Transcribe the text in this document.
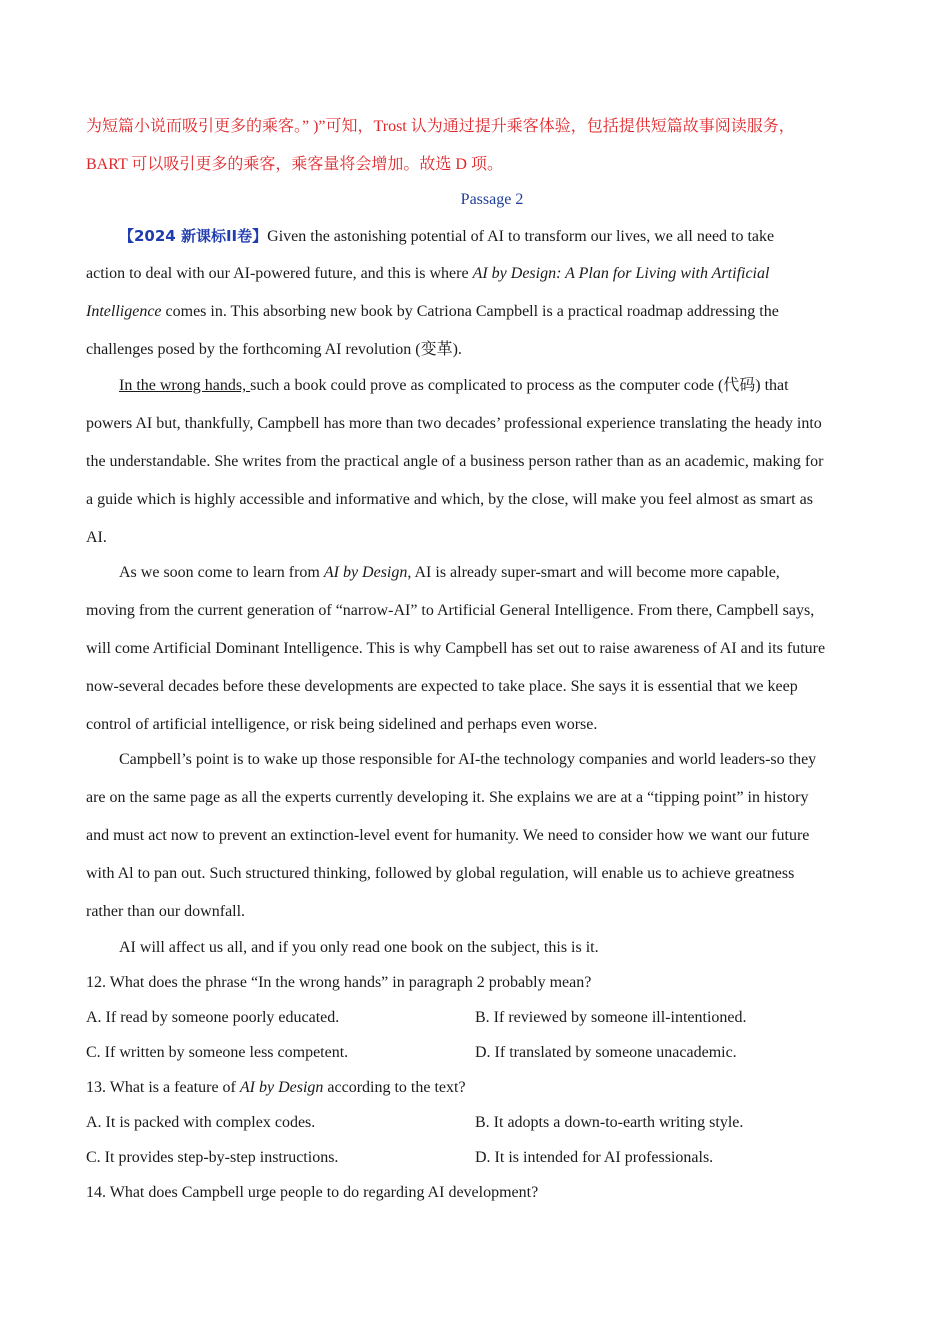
为短篇小说而吸引更多的乘客。” )”可知，Trost 认为通过提升乘客体验，包括提供短篇故事阅读服务，
BART 可以吸引更多的乘客，乘客量将会增加。故选 D 项。
Passage 2
【2024 新课标ⅠⅠ卷】Given the astonishing potential of AI to transform our lives, we all need to take
action to deal with our AI-powered future, and this is where AI by Design: A Plan for Living with Artificial
Intelligence comes in. This absorbing new book by Catriona Campbell is a practical roadmap addressing the
challenges posed by the forthcoming AI revolution (变革).
In the wrong hands, such a book could prove as complicated to process as the computer code (代码) that
powers AI but, thankfully, Campbell has more than two decades’ professional experience translating the heady into
the understandable. She writes from the practical angle of a business person rather than as an academic, making for
a guide which is highly accessible and informative and which, by the close, will make you feel almost as smart as
AI.
As we soon come to learn from AI by Design, AI is already super-smart and will become more capable,
moving from the current generation of “narrow-AI” to Artificial General Intelligence. From there, Campbell says,
will come Artificial Dominant Intelligence. This is why Campbell has set out to raise awareness of AI and its future
now-several decades before these developments are expected to take place. She says it is essential that we keep
control of artificial intelligence, or risk being sidelined and perhaps even worse.
Campbell’s point is to wake up those responsible for AI-the technology companies and world leaders-so they
are on the same page as all the experts currently developing it. She explains we are at a “tipping point” in history
and must act now to prevent an extinction-level event for humanity. We need to consider how we want our future
with Al to pan out. Such structured thinking, followed by global regulation, will enable us to achieve greatness
rather than our downfall.
AI will affect us all, and if you only read one book on the subject, this is it.
12. What does the phrase “In the wrong hands” in paragraph 2 probably mean?
A. If read by someone poorly educated.	B. If reviewed by someone ill-intentioned.
C. If written by someone less competent.	D. If translated by someone unacademic.
13. What is a feature of AI by Design according to the text?
A. It is packed with complex codes.	B. It adopts a down-to-earth writing style.
C. It provides step-by-step instructions.	D. It is intended for AI professionals.
14. What does Campbell urge people to do regarding AI development?
